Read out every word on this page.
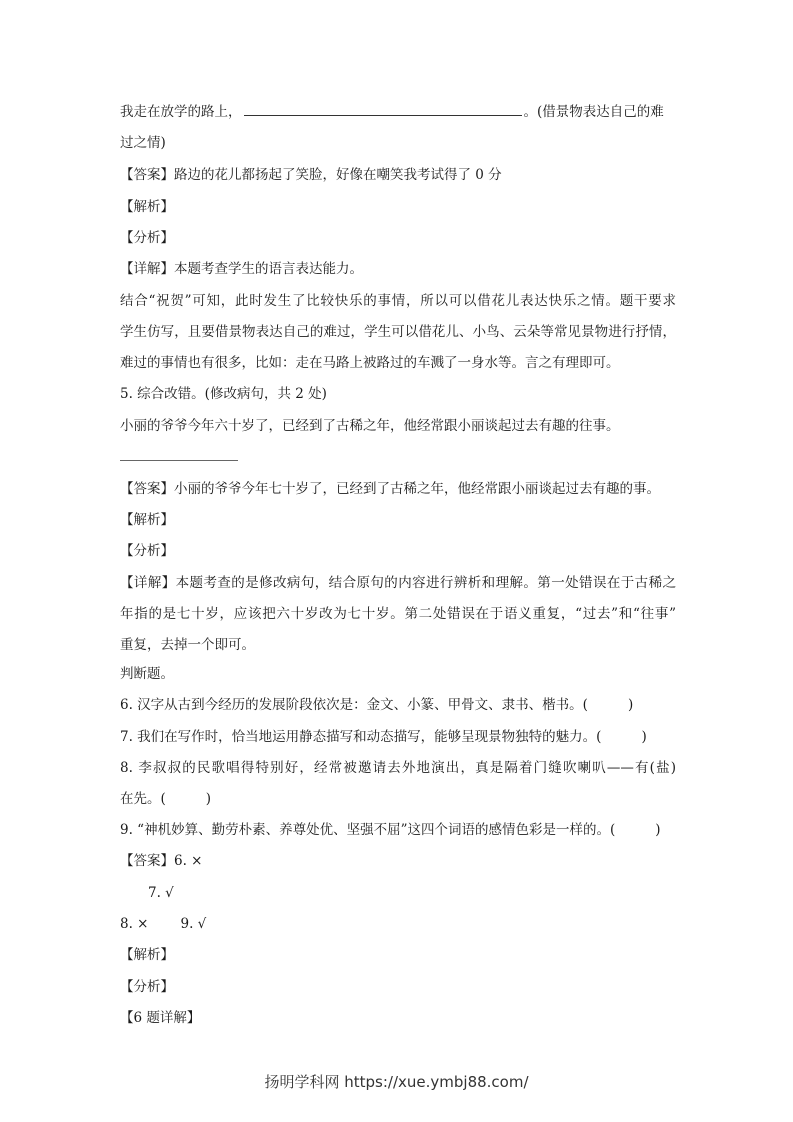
我走在放学的路上，	。(借景物表达自己的难
过之情)
【答案】路边的花儿都扬起了笑脸，好像在嘲笑我考试得了 0 分
【解析】
【分析】
【详解】本题考查学生的语言表达能力。
结合“祝贺”可知，此时发生了比较快乐的事情，所以可以借花儿表达快乐之情。题干要求
学生仿写，且要借景物表达自己的难过，学生可以借花儿、小鸟、云朵等常见景物进行抒情，
难过的事情也有很多，比如：走在马路上被路过的车溅了一身水等。言之有理即可。
5. 综合改错。(修改病句，共 2 处)
小丽的爷爷今年六十岁了，已经到了古稀之年，他经常跟小丽谈起过去有趣的往事。
【答案】小丽的爷爷今年七十岁了，已经到了古稀之年，他经常跟小丽谈起过去有趣的事。
【解析】
【分析】
【详解】本题考查的是修改病句，结合原句的内容进行辨析和理解。第一处错误在于古稀之
年指的是七十岁，应该把六十岁改为七十岁。第二处错误在于语义重复，“过去”和“往事”
重复，去掉一个即可。
判断题。
6. 汉字从古到今经历的发展阶段依次是：金文、小篆、甲骨文、隶书、楷书。(	)
7. 我们在写作时，恰当地运用静态描写和动态描写，能够呈现景物独特的魅力。(	)
8. 李叔叔的民歌唱得特别好，经常被邀请去外地演出，真是隔着门缝吹喇叭——有(盐)
在先。(	)
9. “神机妙算、勤劳朴素、养尊处优、坚强不屈”这四个词语的感情色彩是一样的。(	)
【答案】6. ×
7. √
8. × 9. √
【解析】
【分析】
【6 题详解】
扬明学科网 https://xue.ymbj88.com/
